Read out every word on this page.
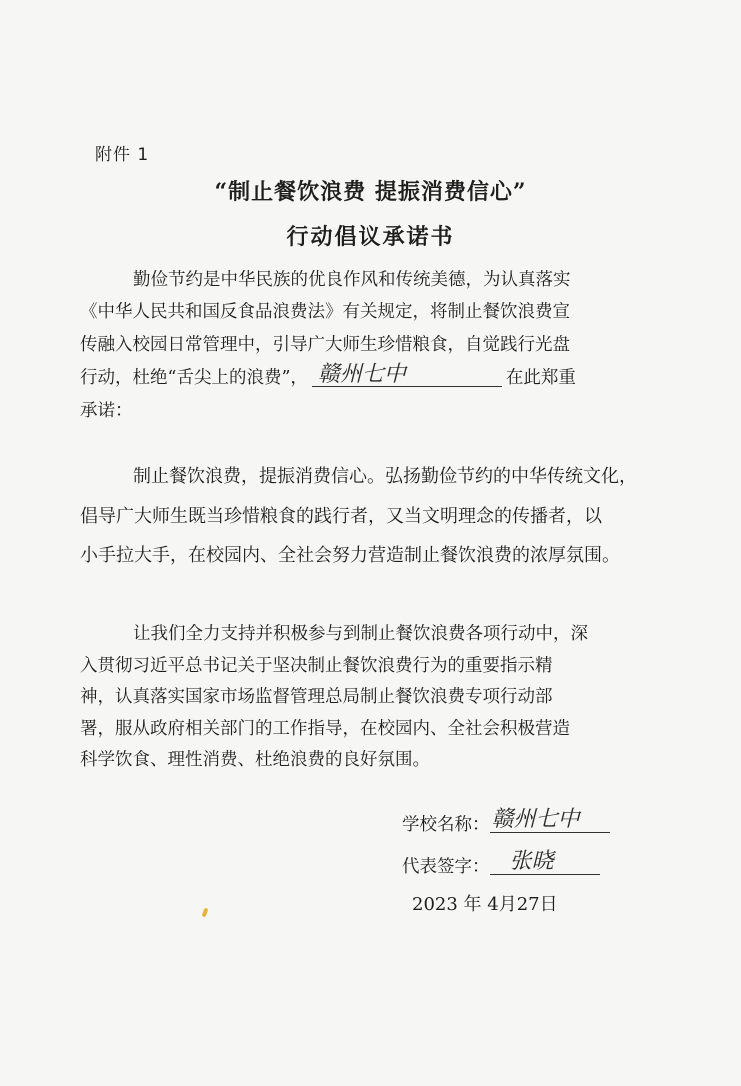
附件 1
“制止餐饮浪费 提振消费信心”
行动倡议承诺书
勤俭节约是中华民族的优良作风和传统美德，为认真落实
《中华人民共和国反食品浪费法》有关规定，将制止餐饮浪费宣
传融入校园日常管理中，引导广大师生珍惜粮食，自觉践行光盘
行动，杜绝“舌尖上的浪费”， 赣州七中	在此郑重
承诺：
制止餐饮浪费，提振消费信心。弘扬勤俭节约的中华传统文化，
倡导广大师生既当珍惜粮食的践行者，又当文明理念的传播者，以
小手拉大手，在校园内、全社会努力营造制止餐饮浪费的浓厚氛围。
让我们全力支持并积极参与到制止餐饮浪费各项行动中，深
入贯彻习近平总书记关于坚决制止餐饮浪费行为的重要指示精
神，认真落实国家市场监督管理总局制止餐饮浪费专项行动部
署，服从政府相关部门的工作指导，在校园内、全社会积极营造
科学饮食、理性消费、杜绝浪费的良好氛围。
学校名称： 赣州七中
代表签字： 张晓
2023 年 4月27日
